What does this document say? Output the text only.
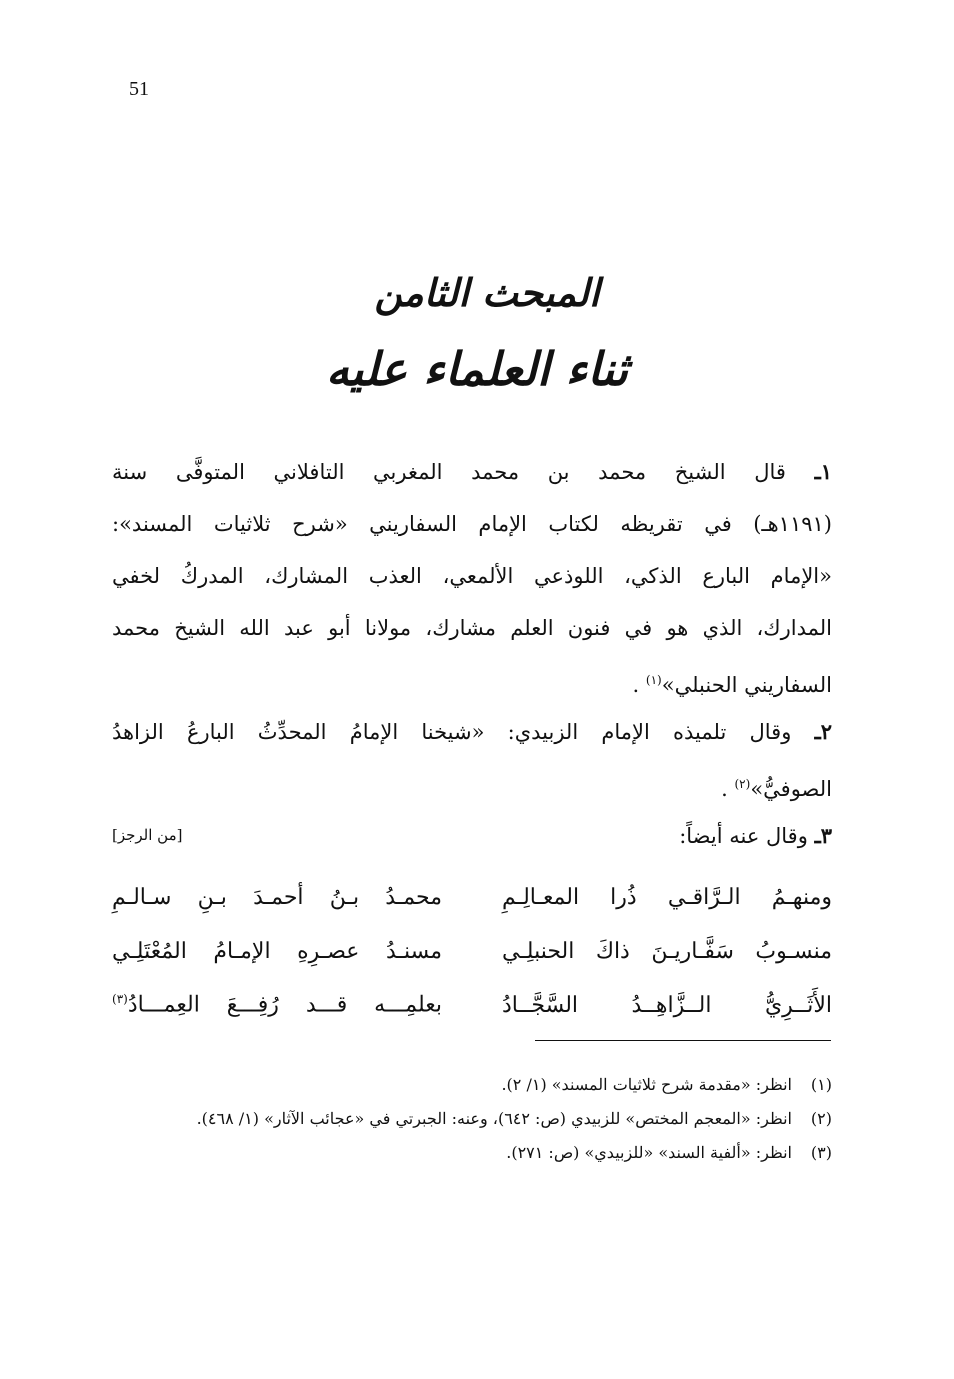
51
المبحث الثامن
ثناء العلماء عليه
١ـ قال الشيخ محمد بن محمد المغربي التافلاني المتوفَّى سنة
(١١٩١هـ) في تقريظه لكتاب الإمام السفاريني «شرح ثلاثيات المسند»:
«الإمام البارع الذكي، اللوذعي الألمعي، العذب المشارك، المدركُ لخفي
المدارك، الذي هو في فنون العلم مشارك، مولانا أبو عبد الله الشيخ محمد
السفاريني الحنبلي»$^{(١)}$ .
٢ـ وقال تلميذه الإمام الزبيدي: «شيخنا الإمامُ المحدِّثُ البارعُ الزاهدُ
الصوفيُّ»$^{(٢)}$ .
٣ـ وقال عنه أيضاً:
[من الرجز]
ومنهـمُ الـرَّاقـي ذُرا المعـالِـمِ
محمـدُ بـنُ أحمـدَ بـنِ سـالـمِ
منسـوبُ سَفَّـاريـنَ ذاكَ الحنبلِـي
مسنـدُ عصـرِهِ الإمـامُ المُعْتَلِـي
الأَثَــرِيُّ الــزَّاهِــدُ السَّجَّــادُ
بعلمِـــه قـــد رُفِـــعَ العِمـــادُ$^{(٣)}$
(١)
انظر: «مقدمة شرح ثلاثيات المسند» (١/ ٢).
(٢)
انظر: «المعجم المختص» للزبيدي (ص: ٦٤٢)، وعنه: الجبرتي في «عجائب الآثار» (١/ ٤٦٨).
(٣)
انظر: «ألفية السند» «للزبيدي» (ص: ٢٧١).
